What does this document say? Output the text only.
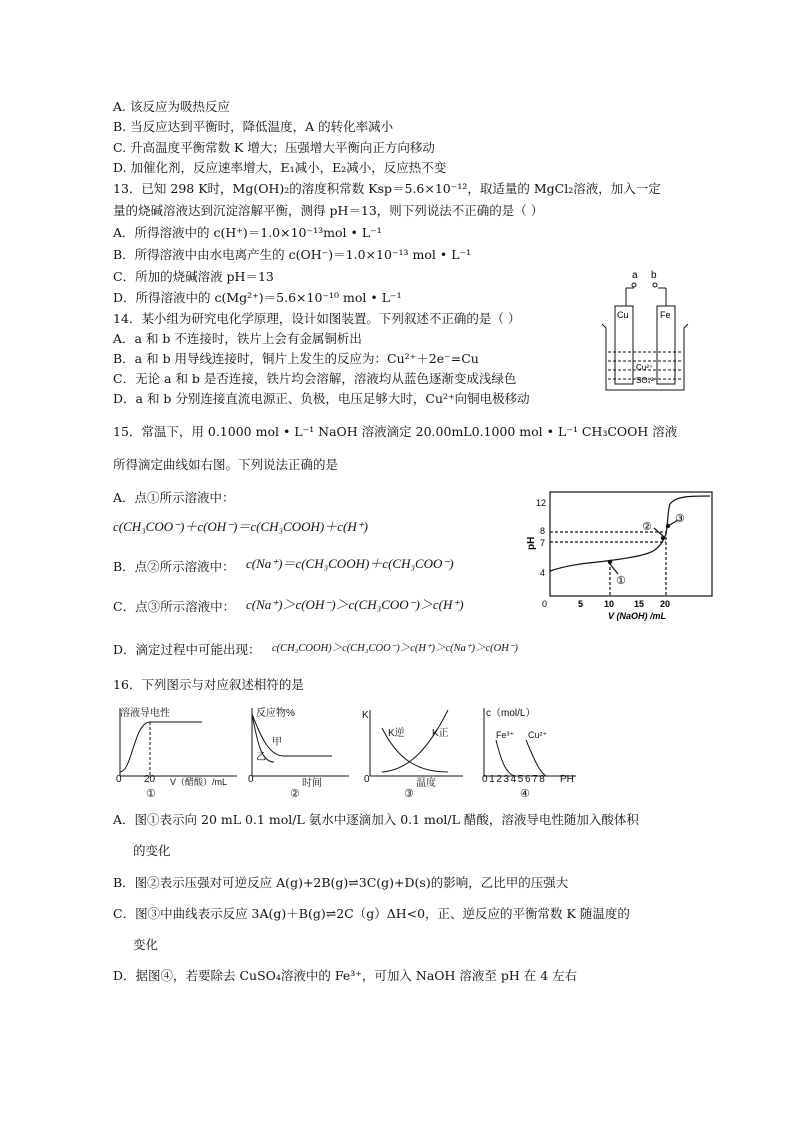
A. 该反应为吸热反应
B. 当反应达到平衡时，降低温度，A 的转化率减小
C. 升高温度平衡常数 K 增大；压强增大平衡向正方向移动
D. 加催化剂，反应速率增大，E₁减小，E₂减小，反应热不变
13．已知 298 K时，Mg(OH)₂的溶度积常数 Ksp＝5.6×10⁻¹²，取适量的 MgCl₂溶液，加入一定
量的烧碱溶液达到沉淀溶解平衡，测得 pH＝13，则下列说法不正确的是（ ）
A．所得溶液中的 c(H⁺)＝1.0×10⁻¹³mol • L⁻¹
B．所得溶液中由水电离产生的 c(OH⁻)＝1.0×10⁻¹³ mol • L⁻¹
C．所加的烧碱溶液 pH＝13
D．所得溶液中的 c(Mg²⁺)＝5.6×10⁻¹⁰ mol • L⁻¹
14．某小组为研究电化学原理，设计如图装置。下列叙述不正确的是（ ）
A．a 和 b 不连接时，铁片上会有金属铜析出
B．a 和 b 用导线连接时，铜片上发生的反应为：Cu²⁺＋2e⁻=Cu
C．无论 a 和 b 是否连接，铁片均会溶解，溶液均从蓝色逐渐变成浅绿色
D．a 和 b 分别连接直流电源正、负极，电压足够大时，Cu²⁺向铜电极移动
a b
Cu	Fe
Cu²⁺
SO₄²⁻
15．常温下，用 0.1000 mol • L⁻¹ NaOH 溶液滴定 20.00mL0.1000 mol • L⁻¹ CH₃COOH 溶液
所得滴定曲线如右图。下列说法正确的是
A．点①所示溶液中：
c(CH₃COO⁻)＋c(OH⁻)＝c(CH₃COOH)＋c(H⁺)
B．点②所示溶液中： c(Na⁺)＝c(CH₃COOH)＋c(CH₃COO⁻)
C．点③所示溶液中： c(Na⁺)＞c(OH⁻)＞c(CH₃COO⁻)＞c(H⁺)
D．滴定过程中可能出现： c(CH₃COOH)＞c(CH₃COO⁻)＞c(H⁺)＞c(Na⁺)＞c(OH⁻)
pH
12
8
7
4
0	5 10 15 20
V (NaOH) /mL
①
②
③
16．下列图示与对应叙述相符的是
溶液导电性
0 20 V（醋酸）/mL
①
反应物%
甲
乙
0	时间
②
K
K逆	K正
0	温度
③
c（mol/L）
Fe³⁺ Cu²⁺
012345678 PH
④
A．图①表示向 20 mL 0.1 mol/L 氨水中逐滴加入 0.1 mol/L 醋酸，溶液导电性随加入酸体积
的变化
B．图②表示压强对可逆反应 A(g)+2B(g)⇌3C(g)+D(s)的影响，乙比甲的压强大
C．图③中曲线表示反应 3A(g)＋B(g)⇌2C（g）ΔH<0，正、逆反应的平衡常数 K 随温度的
变化
D．据图④，若要除去 CuSO₄溶液中的 Fe³⁺，可加入 NaOH 溶液至 pH 在 4 左右
